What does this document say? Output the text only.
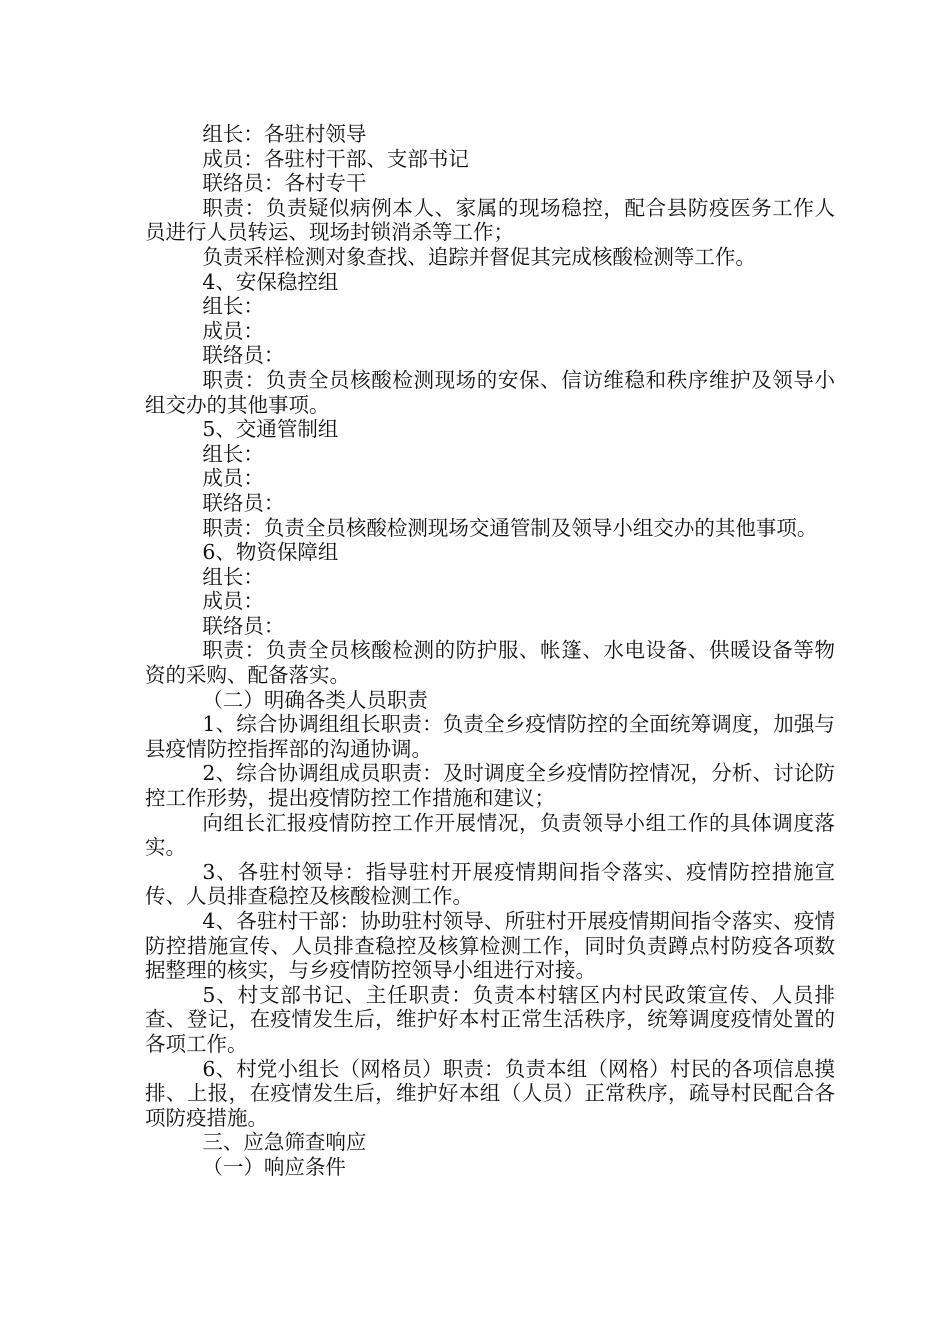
组长：各驻村领导

成员：各驻村干部、支部书记

联络员：各村专干

职责：负责疑似病例本人、家属的现场稳控，配合县防疫医务工作人员进行人员转运、现场封锁消杀等工作；

负责采样检测对象查找、追踪并督促其完成核酸检测等工作。

4、安保稳控组

组长：

成员：

联络员：

职责：负责全员核酸检测现场的安保、信访维稳和秩序维护及领导小组交办的其他事项。

5、交通管制组

组长：

成员：

联络员：

职责：负责全员核酸检测现场交通管制及领导小组交办的其他事项。

6、物资保障组

组长：

成员：

联络员：

职责：负责全员核酸检测的防护服、帐篷、水电设备、供暖设备等物资的采购、配备落实。

（二）明确各类人员职责

1、综合协调组组长职责：负责全乡疫情防控的全面统筹调度，加强与县疫情防控指挥部的沟通协调。

2、综合协调组成员职责：及时调度全乡疫情防控情况，分析、讨论防控工作形势，提出疫情防控工作措施和建议；

向组长汇报疫情防控工作开展情况，负责领导小组工作的具体调度落实。

3、各驻村领导：指导驻村开展疫情期间指令落实、疫情防控措施宣传、人员排查稳控及核酸检测工作。

4、各驻村干部：协助驻村领导、所驻村开展疫情期间指令落实、疫情防控措施宣传、人员排查稳控及核算检测工作，同时负责蹲点村防疫各项数据整理的核实，与乡疫情防控领导小组进行对接。

5、村支部书记、主任职责：负责本村辖区内村民政策宣传、人员排查、登记，在疫情发生后，维护好本村正常生活秩序，统筹调度疫情处置的各项工作。

6、村党小组长（网格员）职责：负责本组（网格）村民的各项信息摸排、上报，在疫情发生后，维护好本组（人员）正常秩序，疏导村民配合各项防疫措施。

三、应急筛查响应

（一）响应条件
